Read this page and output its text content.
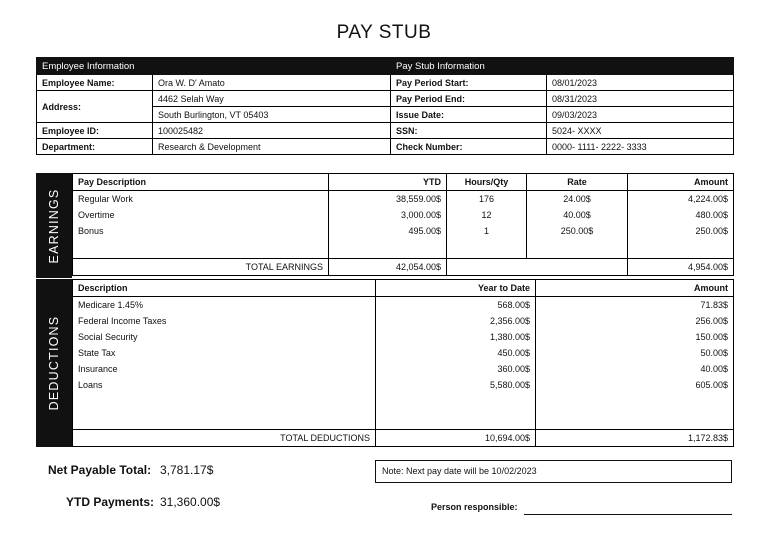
PAY STUB
Employee Information		Pay Stub Information	
Employee Name:	Ora W. D' Amato	Pay Period Start:	08/01/2023
Address:	4462 Selah Way	Pay Period End:	08/31/2023
	South Burlington, VT 05403	Issue Date:	09/03/2023
Employee ID:	100025482	SSN:	5024- XXXX
Department:	Research & Development	Check Number:	0000- 1111- 2222- 3333
EARNINGS
Pay Description	YTD	Hours/Qty	Rate	Amount
Regular Work	38,559.00$	176	24.00$	4,224.00$
Overtime	3,000.00$	12	40.00$	480.00$
Bonus	495.00$	1	250.00$	250.00$

TOTAL EARNINGS	42,054.00$			4,954.00$
DEDUCTIONS
Description	Year to Date	Amount
Medicare 1.45%	568.00$	71.83$
Federal Income Taxes	2,356.00$	256.00$
Social Security	1,380.00$	150.00$
State Tax	450.00$	50.00$
Insurance	360.00$	40.00$
Loans	5,580.00$	605.00$

TOTAL DEDUCTIONS	10,694.00$	1,172.83$
Net Payable Total: 3,781.17$
YTD Payments: 31,360.00$
Note: Next pay date will be 10/02/2023
Person responsible:
